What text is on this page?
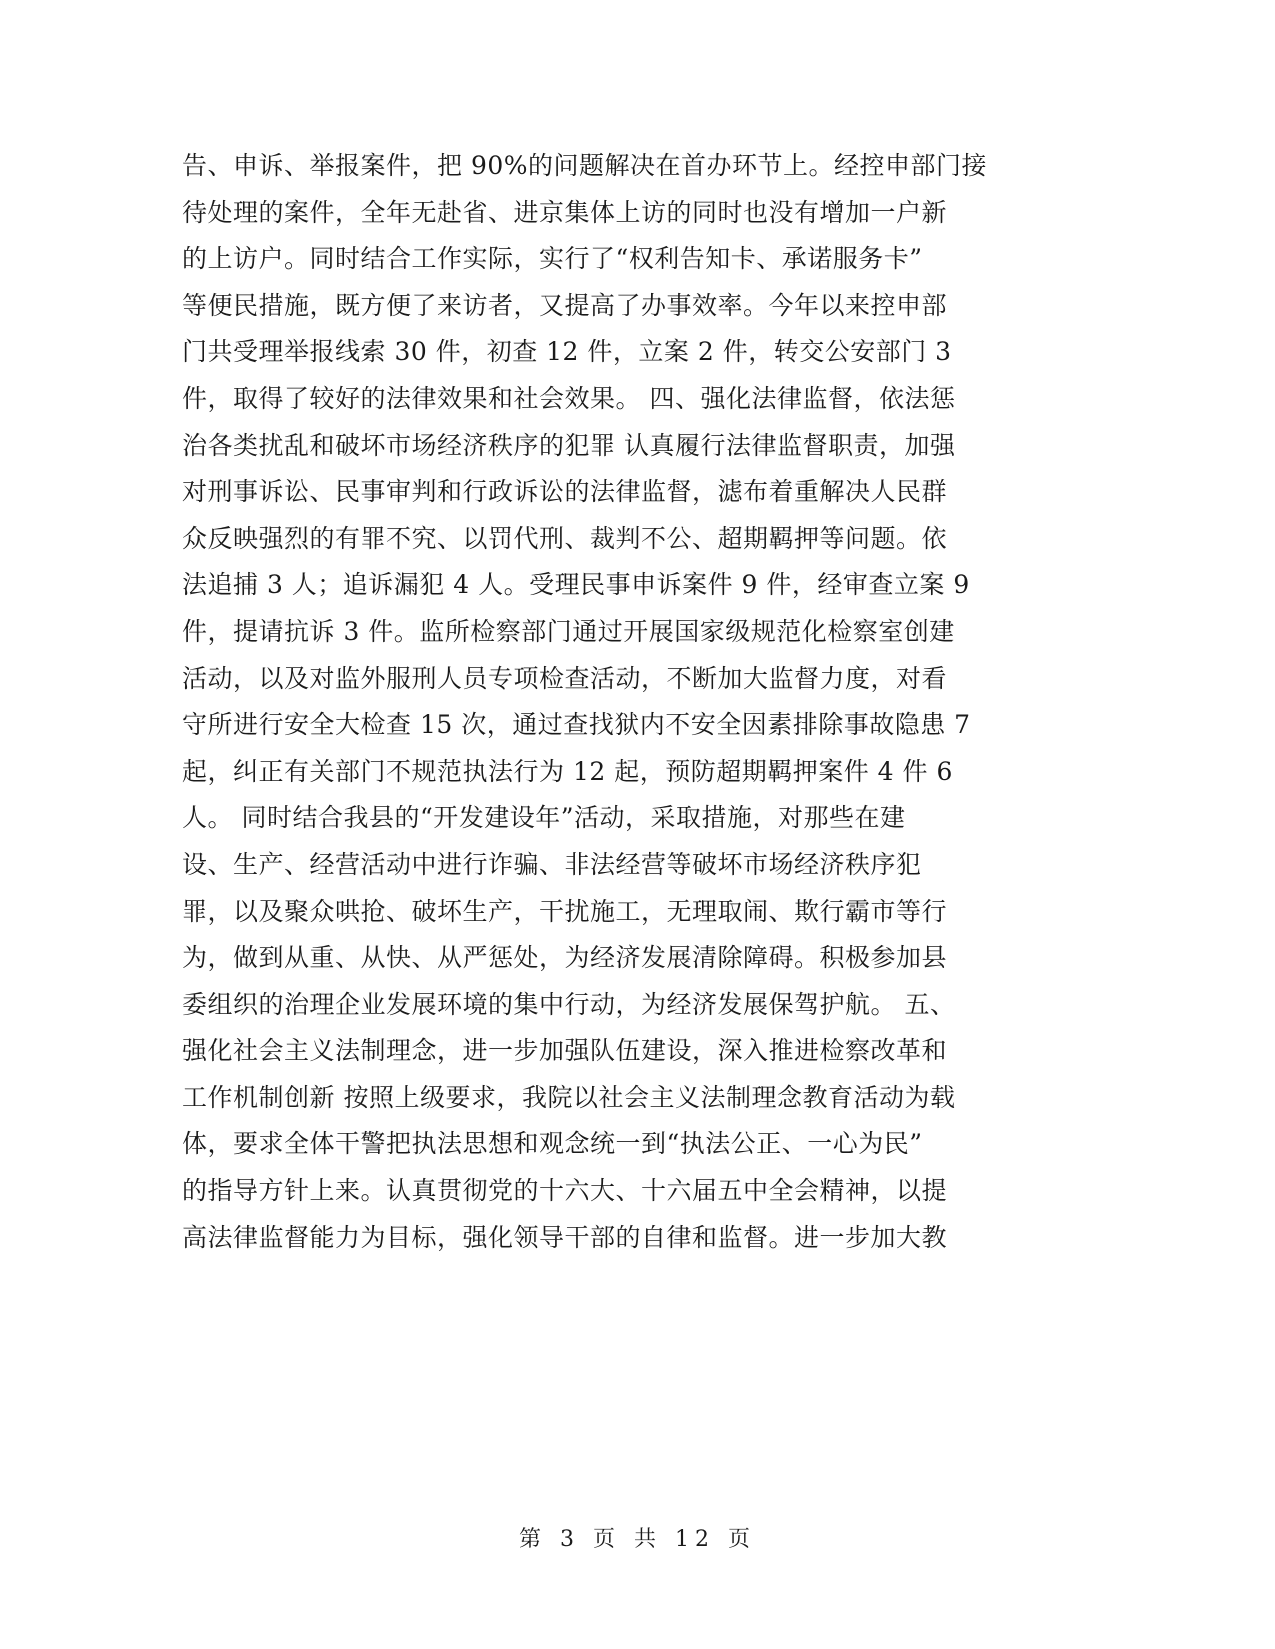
告、申诉、举报案件，把 90%的问题解决在首办环节上。经控申部门接
待处理的案件，全年无赴省、进京集体上访的同时也没有增加一户新
的上访户。同时结合工作实际，实行了“权利告知卡、承诺服务卡”
等便民措施，既方便了来访者，又提高了办事效率。今年以来控申部
门共受理举报线索 30 件，初查 12 件，立案 2 件，转交公安部门 3
件，取得了较好的法律效果和社会效果。 四、强化法律监督，依法惩
治各类扰乱和破坏市场经济秩序的犯罪 认真履行法律监督职责，加强
对刑事诉讼、民事审判和行政诉讼的法律监督，滤布着重解决人民群
众反映强烈的有罪不究、以罚代刑、裁判不公、超期羁押等问题。依
法追捕 3 人；追诉漏犯 4 人。受理民事申诉案件 9 件，经审查立案 9
件，提请抗诉 3 件。监所检察部门通过开展国家级规范化检察室创建
活动，以及对监外服刑人员专项检查活动，不断加大监督力度，对看
守所进行安全大检查 15 次，通过查找狱内不安全因素排除事故隐患 7
起，纠正有关部门不规范执法行为 12 起，预防超期羁押案件 4 件 6
人。 同时结合我县的“开发建设年”活动，采取措施，对那些在建
设、生产、经营活动中进行诈骗、非法经营等破坏市场经济秩序犯
罪，以及聚众哄抢、破坏生产，干扰施工，无理取闹、欺行霸市等行
为，做到从重、从快、从严惩处，为经济发展清除障碍。积极参加县
委组织的治理企业发展环境的集中行动，为经济发展保驾护航。 五、
强化社会主义法制理念，进一步加强队伍建设，深入推进检察改革和
工作机制创新 按照上级要求，我院以社会主义法制理念教育活动为载
体，要求全体干警把执法思想和观念统一到“执法公正、一心为民”
的指导方针上来。认真贯彻党的十六大、十六届五中全会精神，以提
高法律监督能力为目标，强化领导干部的自律和监督。进一步加大教
第 3 页 共 12 页
